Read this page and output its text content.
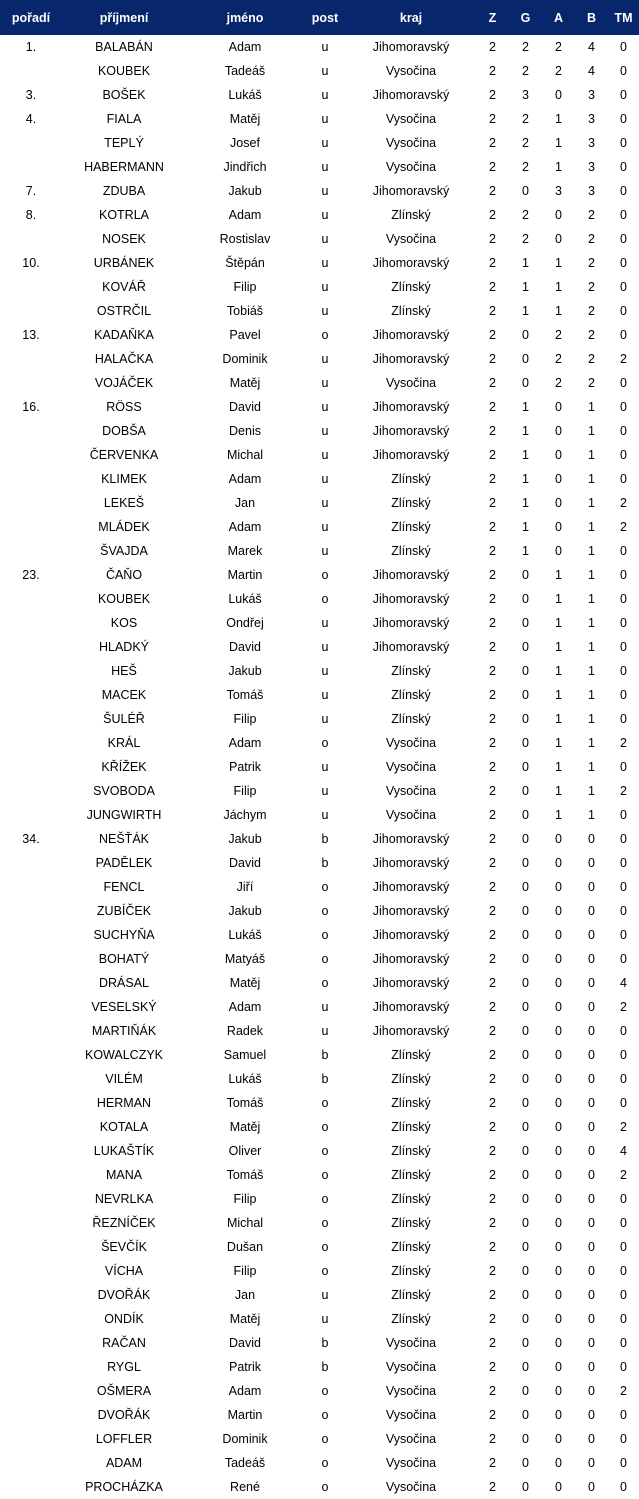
pořadí	příjmení	jméno	post	kraj	Z	G	A	B	TM
1.	BALABÁN	Adam	u	Jihomoravský	2	2	2	4	0
	KOUBEK	Tadeáš	u	Vysočina	2	2	2	4	0
3.	BOŠEK	Lukáš	u	Jihomoravský	2	3	0	3	0
4.	FIALA	Matěj	u	Vysočina	2	2	1	3	0
	TEPLÝ	Josef	u	Vysočina	2	2	1	3	0
	HABERMANN	Jindřich	u	Vysočina	2	2	1	3	0
7.	ZDUBA	Jakub	u	Jihomoravský	2	0	3	3	0
8.	KOTRLA	Adam	u	Zlínský	2	2	0	2	0
	NOSEK	Rostislav	u	Vysočina	2	2	0	2	0
10.	URBÁNEK	Štěpán	u	Jihomoravský	2	1	1	2	0
	KOVÁŘ	Filip	u	Zlínský	2	1	1	2	0
	OSTRČIL	Tobiáš	u	Zlínský	2	1	1	2	0
13.	KADAŇKA	Pavel	o	Jihomoravský	2	0	2	2	0
	HALAČKA	Dominik	u	Jihomoravský	2	0	2	2	2
	VOJÁČEK	Matěj	u	Vysočina	2	0	2	2	0
16.	RÖSS	David	u	Jihomoravský	2	1	0	1	0
	DOBŠA	Denis	u	Jihomoravský	2	1	0	1	0
	ČERVENKA	Michal	u	Jihomoravský	2	1	0	1	0
	KLIMEK	Adam	u	Zlínský	2	1	0	1	0
	LEKEŠ	Jan	u	Zlínský	2	1	0	1	2
	MLÁDEK	Adam	u	Zlínský	2	1	0	1	2
	ŠVAJDA	Marek	u	Zlínský	2	1	0	1	0
23.	ČAŇO	Martin	o	Jihomoravský	2	0	1	1	0
	KOUBEK	Lukáš	o	Jihomoravský	2	0	1	1	0
	KOS	Ondřej	u	Jihomoravský	2	0	1	1	0
	HLADKÝ	David	u	Jihomoravský	2	0	1	1	0
	HEŠ	Jakub	u	Zlínský	2	0	1	1	0
	MACEK	Tomáš	u	Zlínský	2	0	1	1	0
	ŠULÉŘ	Filip	u	Zlínský	2	0	1	1	0
	KRÁL	Adam	o	Vysočina	2	0	1	1	2
	KŘÍŽEK	Patrik	u	Vysočina	2	0	1	1	0
	SVOBODA	Filip	u	Vysočina	2	0	1	1	2
	JUNGWIRTH	Jáchym	u	Vysočina	2	0	1	1	0
34.	NEŠŤÁK	Jakub	b	Jihomoravský	2	0	0	0	0
	PADĚLEK	David	b	Jihomoravský	2	0	0	0	0
	FENCL	Jiří	o	Jihomoravský	2	0	0	0	0
	ZUBÍČEK	Jakub	o	Jihomoravský	2	0	0	0	0
	SUCHYŇA	Lukáš	o	Jihomoravský	2	0	0	0	0
	BOHATÝ	Matyáš	o	Jihomoravský	2	0	0	0	0
	DRÁSAL	Matěj	o	Jihomoravský	2	0	0	0	4
	VESELSKÝ	Adam	u	Jihomoravský	2	0	0	0	2
	MARTIŇÁK	Radek	u	Jihomoravský	2	0	0	0	0
	KOWALCZYK	Samuel	b	Zlínský	2	0	0	0	0
	VILÉM	Lukáš	b	Zlínský	2	0	0	0	0
	HERMAN	Tomáš	o	Zlínský	2	0	0	0	0
	KOTALA	Matěj	o	Zlínský	2	0	0	0	2
	LUKAŠTÍK	Oliver	o	Zlínský	2	0	0	0	4
	MANA	Tomáš	o	Zlínský	2	0	0	0	2
	NEVRLKA	Filip	o	Zlínský	2	0	0	0	0
	ŘEZNÍČEK	Michal	o	Zlínský	2	0	0	0	0
	ŠEVČÍK	Dušan	o	Zlínský	2	0	0	0	0
	VÍCHA	Filip	o	Zlínský	2	0	0	0	0
	DVOŘÁK	Jan	u	Zlínský	2	0	0	0	0
	ONDÍK	Matěj	u	Zlínský	2	0	0	0	0
	RAČAN	David	b	Vysočina	2	0	0	0	0
	RYGL	Patrik	b	Vysočina	2	0	0	0	0
	OŠMERA	Adam	o	Vysočina	2	0	0	0	2
	DVOŘÁK	Martin	o	Vysočina	2	0	0	0	0
	LOFFLER	Dominik	o	Vysočina	2	0	0	0	0
	ADAM	Tadeáš	o	Vysočina	2	0	0	0	0
	PROCHÁZKA	René	o	Vysočina	2	0	0	0	0
